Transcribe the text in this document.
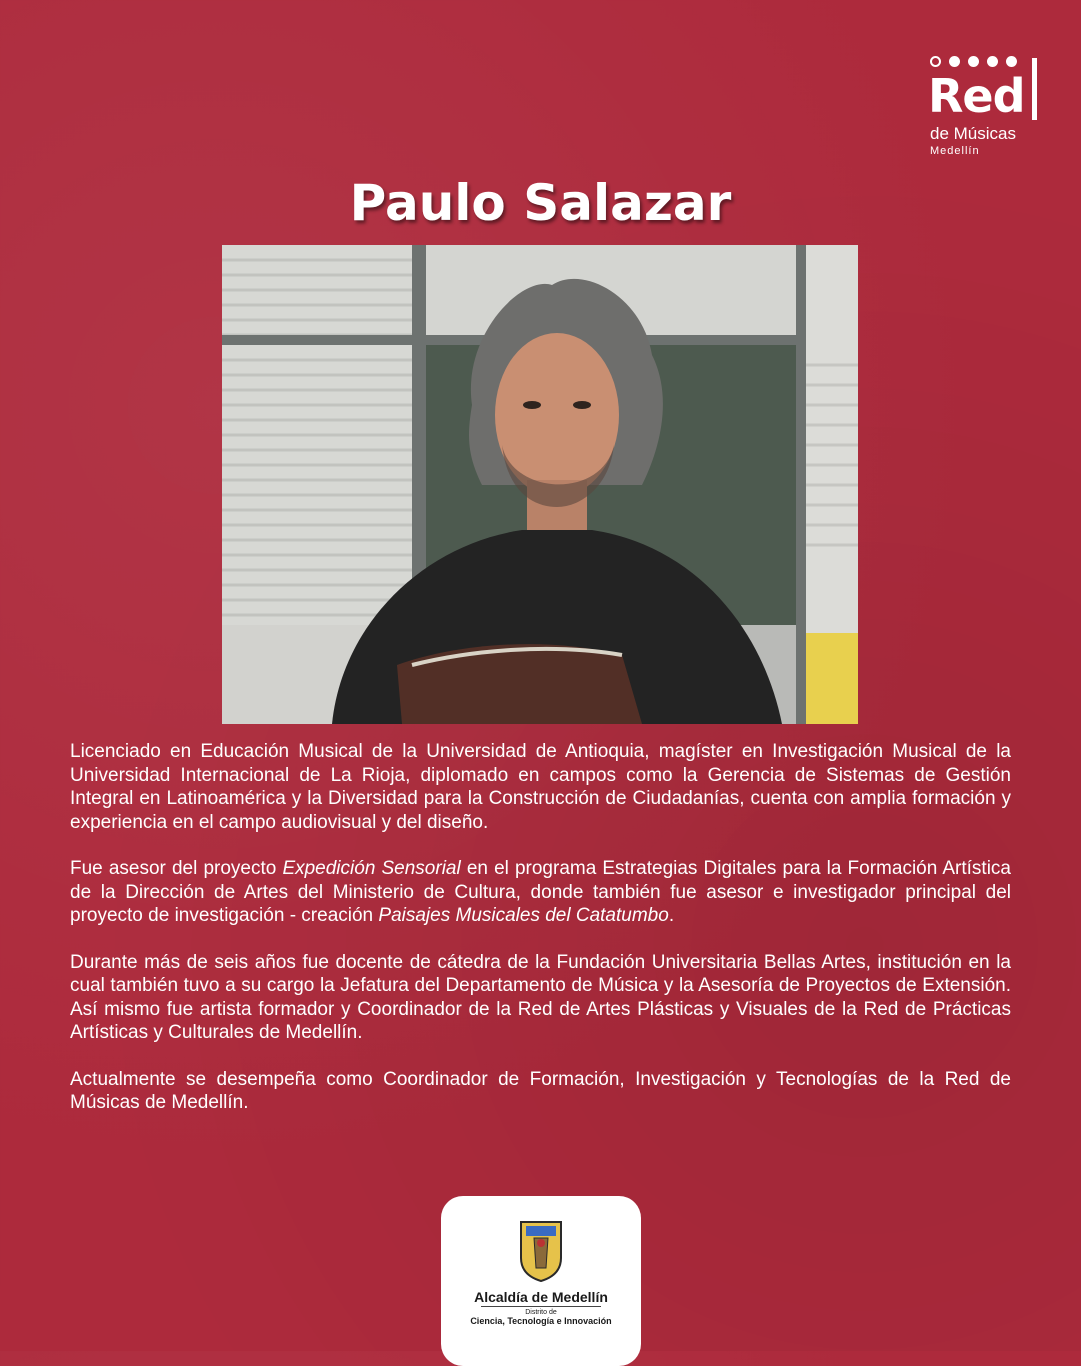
Red
de Músicas
Medellín
Paulo Salazar

Licenciado en Educación Musical de la Universidad de Antioquia, magíster en Investigación Musical de la Universidad Internacional de La Rioja, diplomado en campos como la Gerencia de Sistemas de Gestión Integral en Latinoamérica y la Diversidad para la Construcción de Ciudadanías, cuenta con amplia formación y experiencia en el campo audiovisual y del diseño.

Fue asesor del proyecto Expedición Sensorial en el programa Estrategias Digitales para la Formación Artística de la Dirección de Artes del Ministerio de Cultura, donde también fue asesor e investigador principal del proyecto de investigación - creación Paisajes Musicales del Catatumbo.

Durante más de seis años fue docente de cátedra de la Fundación Universitaria Bellas Artes, institución en la cual también tuvo a su cargo la Jefatura del Departamento de Música y la Asesoría de Proyectos de Extensión. Así mismo fue artista formador y Coordinador de la Red de Artes Plásticas y Visuales de la Red de Prácticas Artísticas y Culturales de Medellín.

Actualmente se desempeña como Coordinador de Formación, Investigación y Tecnologías de la Red de Músicas de Medellín.

Alcaldía de Medellín
Distrito de
Ciencia, Tecnología e Innovación
